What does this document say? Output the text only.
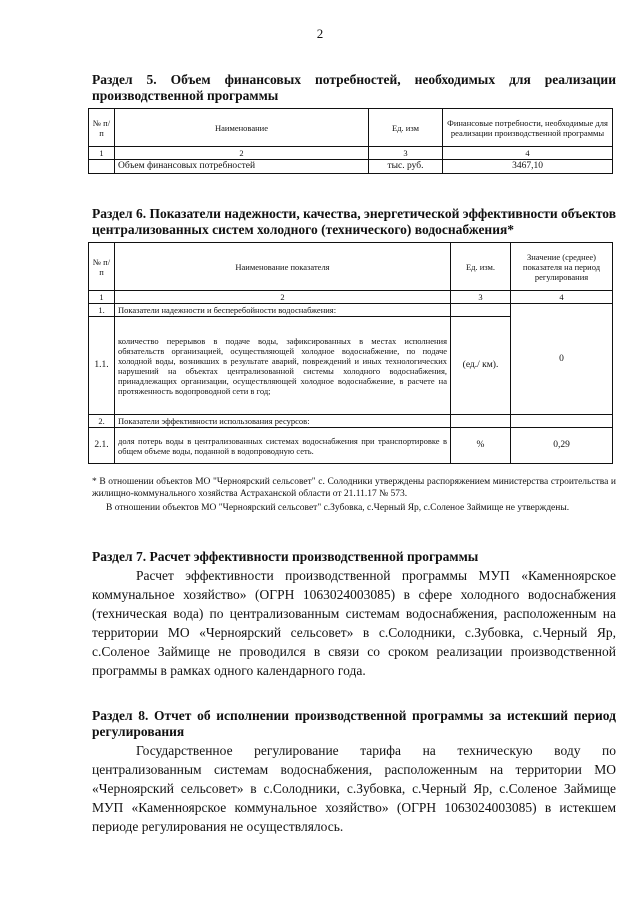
2

Раздел 5. Объем финансовых потребностей, необходимых для реализации производственной программы

№ п/п	Наименование	Ед. изм	Финансовые потребности, необходимые для реализации производственной программы
1	2	3	4
	Объем финансовых потребностей	тыс. руб.	3467,10

Раздел 6. Показатели надежности, качества, энергетической эффективности объектов централизованных систем холодного (технического) водоснабжения*

№ п/п	Наименование показателя	Ед. изм.	Значение (среднее) показателя на период регулирования
1	2	3	4
1.	Показатели надежности и бесперебойности водоснабжения:		0
1.1.	количество перерывов в подаче воды, зафиксированных в местах исполнения обязательств организацией, осуществляющей холодное водоснабжение, по подаче холодной воды, возникших в результате аварий, повреждений и иных технологических нарушений на объектах централизованной системы холодного водоснабжения, принадлежащих организации, осуществляющей холодное водоснабжение, в расчете на протяженность водопроводной сети в год;	(ед./ км).	
2.	Показатели эффективности использования ресурсов:		
2.1.	доля потерь воды в централизованных системах водоснабжения при транспортировке в общем объеме воды, поданной в водопроводную сеть.	%	0,29

* В отношении объектов МО "Черноярский сельсовет" с. Солодники утверждены распоряжением министерства строительства и жилищно-коммунального хозяйства Астраханской области от 21.11.17 № 573.

В отношении объектов МО "Черноярский сельсовет" с.Зубовка, с.Черный Яр, с.Соленое Займище не утверждены.

Раздел 7. Расчет эффективности производственной программы

Расчет эффективности производственной программы МУП «Каменноярское коммунальное хозяйство» (ОГРН 1063024003085) в сфере холодного водоснабжения (техническая вода) по централизованным системам водоснабжения, расположенным на территории МО «Черноярский сельсовет» в с.Солодники, с.Зубовка, с.Черный Яр, с.Соленое Займище не проводился в связи со сроком реализации производственной программы в рамках одного календарного года.

Раздел 8. Отчет об исполнении производственной программы за истекший период регулирования

Государственное регулирование тарифа на техническую воду по централизованным системам водоснабжения, расположенным на территории МО «Черноярский сельсовет» в с.Солодники, с.Зубовка, с.Черный Яр, с.Соленое Займище МУП «Каменноярское коммунальное хозяйство» (ОГРН 1063024003085) в истекшем периоде регулирования не осуществлялось.
